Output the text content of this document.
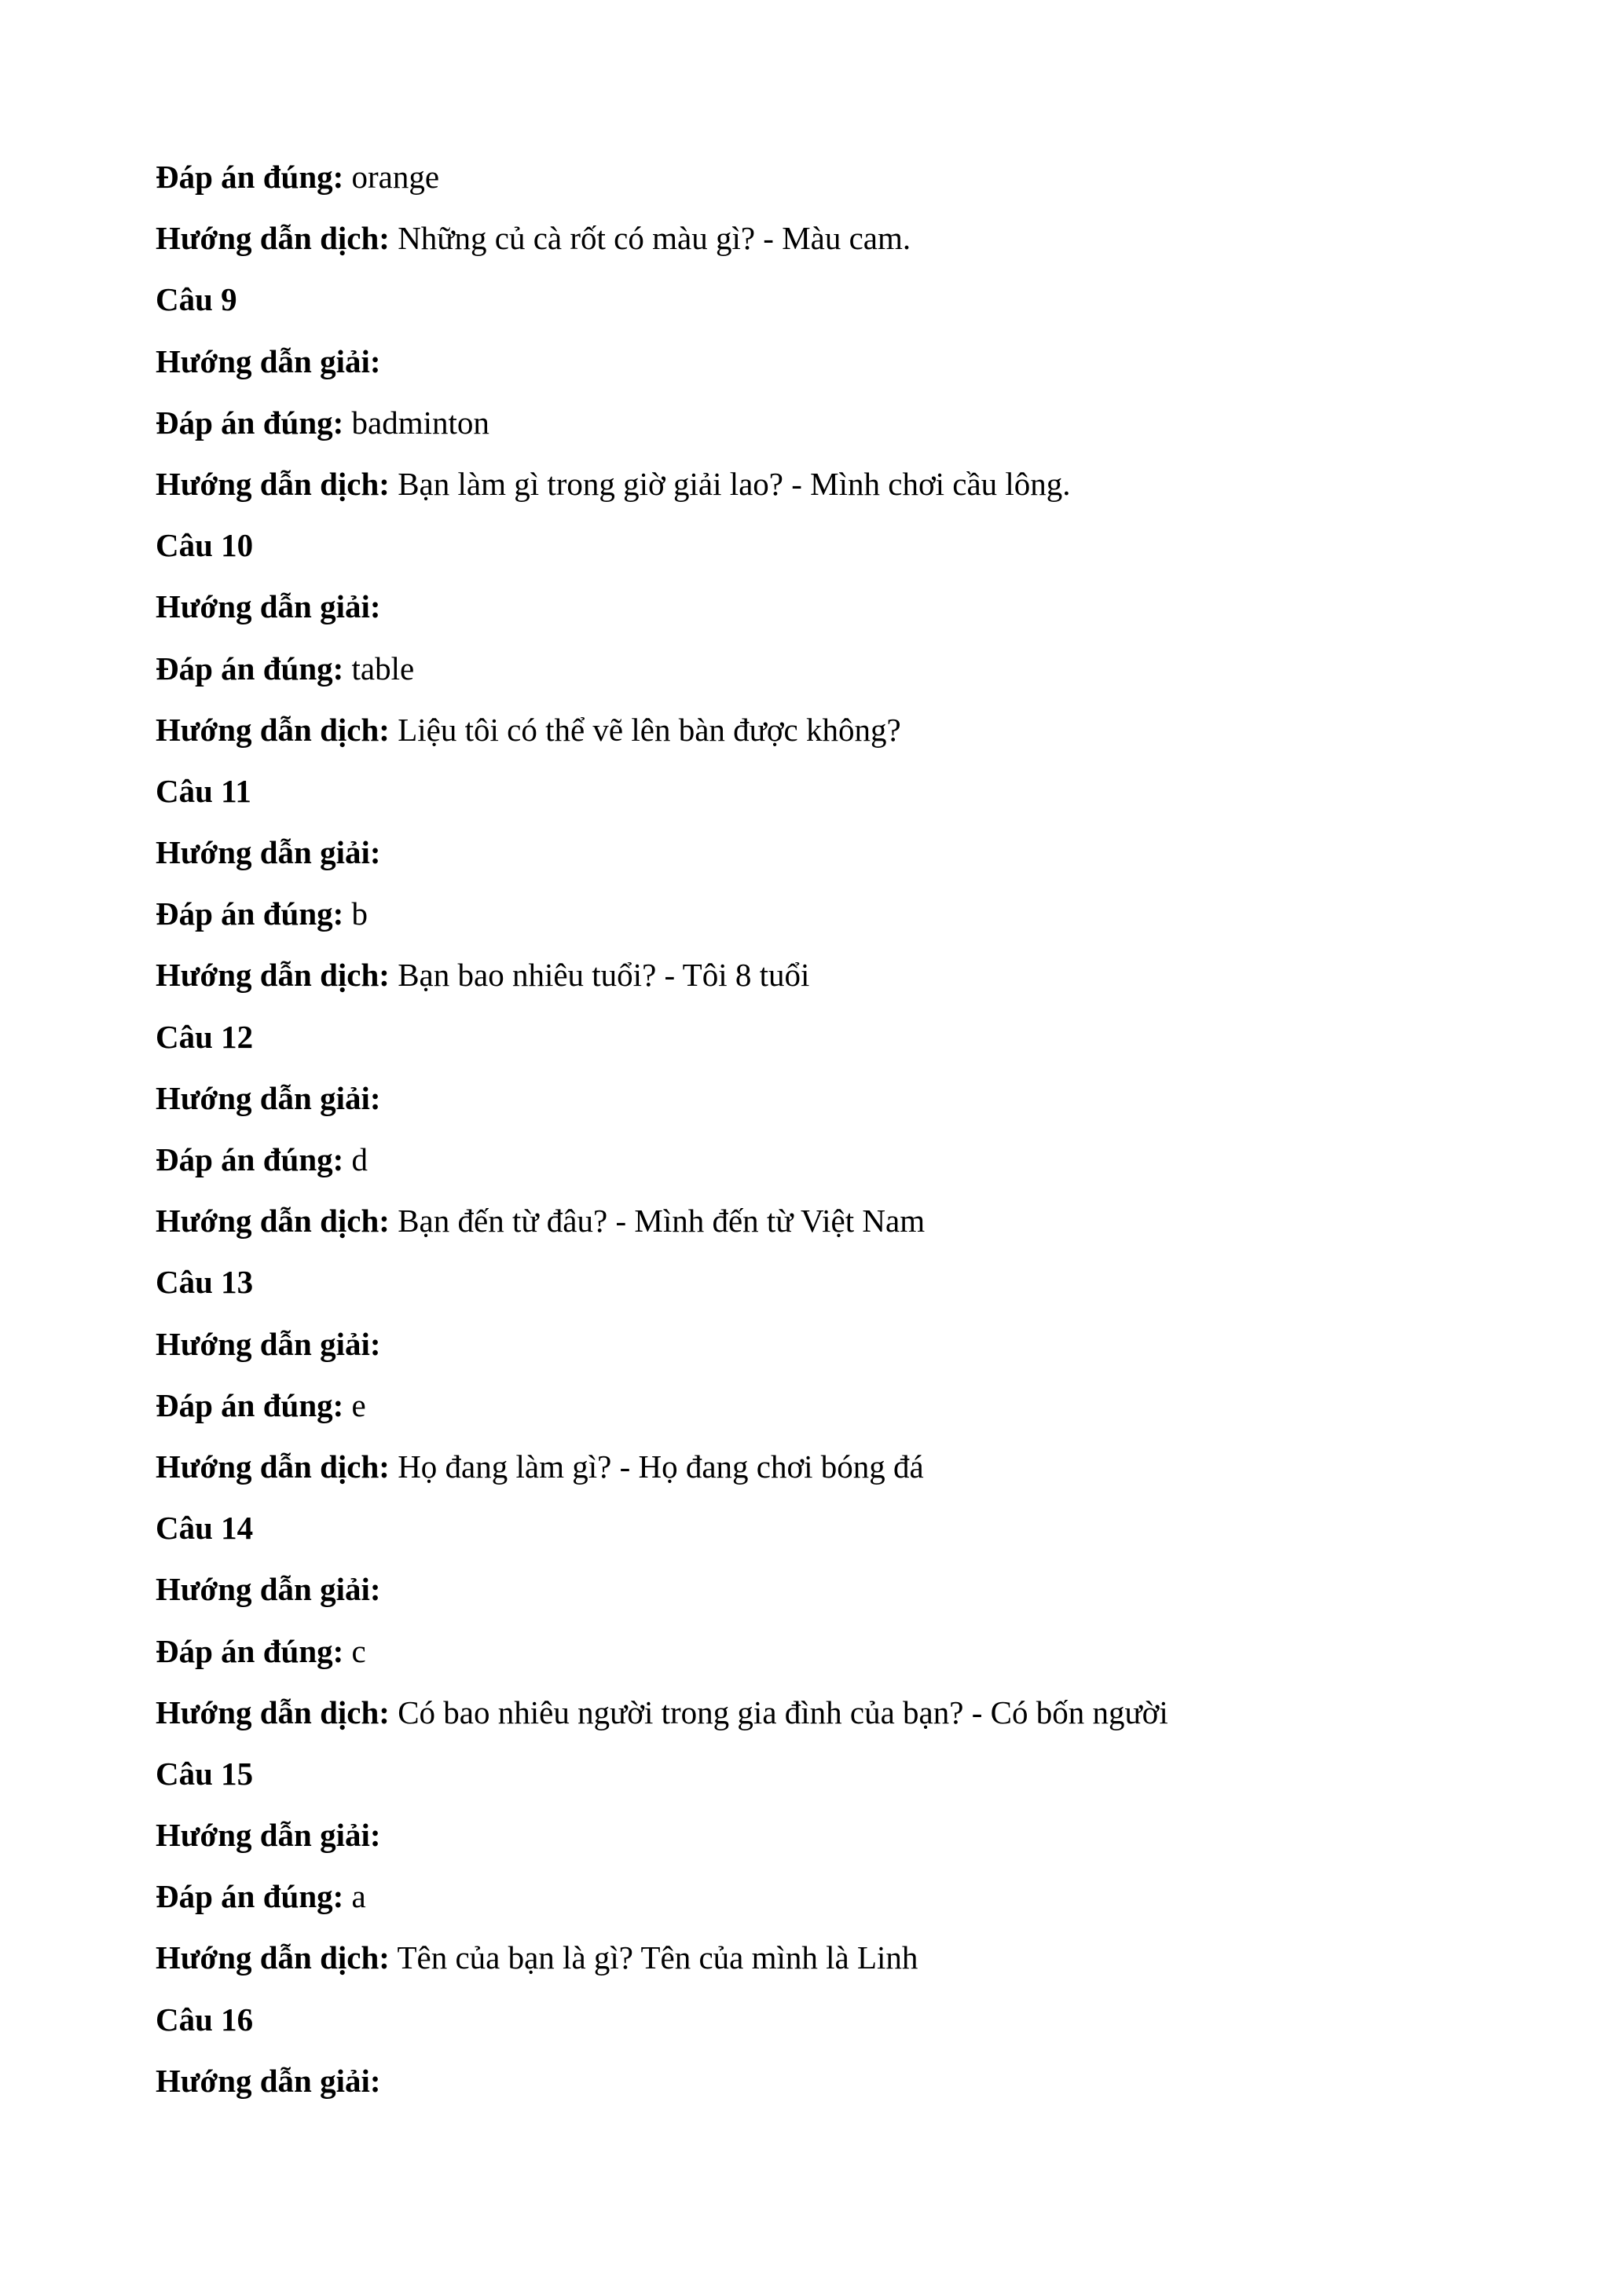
Đáp án đúng: orange
Hướng dẫn dịch: Những củ cà rốt có màu gì? - Màu cam.
Câu 9
Hướng dẫn giải:
Đáp án đúng: badminton
Hướng dẫn dịch: Bạn làm gì trong giờ giải lao? - Mình chơi cầu lông.
Câu 10
Hướng dẫn giải:
Đáp án đúng: table
Hướng dẫn dịch: Liệu tôi có thể vẽ lên bàn được không?
Câu 11
Hướng dẫn giải:
Đáp án đúng: b
Hướng dẫn dịch: Bạn bao nhiêu tuổi? - Tôi 8 tuổi
Câu 12
Hướng dẫn giải:
Đáp án đúng: d
Hướng dẫn dịch: Bạn đến từ đâu? - Mình đến từ Việt Nam
Câu 13
Hướng dẫn giải:
Đáp án đúng: e
Hướng dẫn dịch: Họ đang làm gì? - Họ đang chơi bóng đá
Câu 14
Hướng dẫn giải:
Đáp án đúng: c
Hướng dẫn dịch: Có bao nhiêu người trong gia đình của bạn? - Có bốn người
Câu 15
Hướng dẫn giải:
Đáp án đúng: a
Hướng dẫn dịch: Tên của bạn là gì? Tên của mình là Linh
Câu 16
Hướng dẫn giải:
